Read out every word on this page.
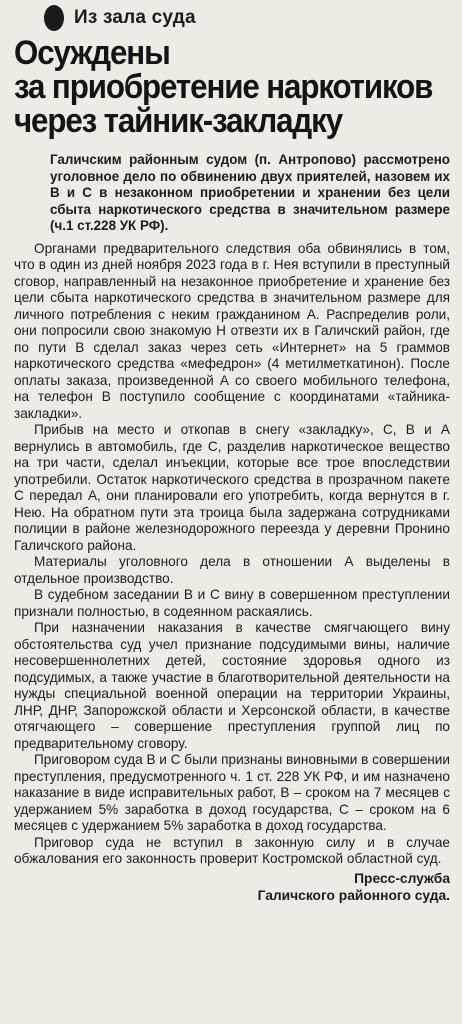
Из зала суда
Осуждены
за приобретение наркотиков
через тайник-закладку
Галичским районным судом (п. Антропово) рассмотрено уголовное дело по обвинению двух приятелей, назовем их В и С в незаконном приобретении и хранении без цели сбыта наркотического средства в значительном размере (ч.1 ст.228 УК РФ).

Органами предварительного следствия оба обвинялись в том, что в один из дней ноября 2023 года в г. Нея вступили в преступный сговор, направленный на незаконное приобретение и хранение без цели сбыта наркотического средства в значительном размере для личного потребления с неким гражданином А. Распределив роли, они попросили свою знакомую Н отвезти их в Галичский район, где по пути В сделал заказ через сеть «Интернет» на 5 граммов наркотического средства «мефедрон» (4 метилметкатинон). После оплаты заказа, произведенной А со своего мобильного телефона, на телефон В поступило сообщение с координатами «тайника-закладки».

Прибыв на место и откопав в снегу «закладку», С, В и А вернулись в автомобиль, где С, разделив наркотическое вещество на три части, сделал инъекции, которые все трое впоследствии употребили. Остаток наркотического средства в прозрачном пакете С передал А, они планировали его употребить, когда вернутся в г. Нею. На обратном пути эта троица была задержана сотрудниками полиции в районе железнодорожного переезда у деревни Пронино Галичского района.

Материалы уголовного дела в отношении А выделены в отдельное производство.

В судебном заседании В и С вину в совершенном преступлении признали полностью, в содеянном раскаялись.

При назначении наказания в качестве смягчающего вину обстоятельства суд учел признание подсудимыми вины, наличие несовершеннолетних детей, состояние здоровья одного из подсудимых, а также участие в благотворительной деятельности на нужды специальной военной операции на территории Украины, ЛНР, ДНР, Запорожской области и Херсонской области, в качестве отягчающего – совершение преступления группой лиц по предварительному сговору.

Приговором суда В и С были признаны виновными в совершении преступления, предусмотренного ч. 1 ст. 228 УК РФ, и им назначено наказание в виде исправительных работ, В – сроком на 7 месяцев с удержанием 5% заработка в доход государства, С – сроком на 6 месяцев с удержанием 5% заработка в доход государства.

Приговор суда не вступил в законную силу и в случае обжалования его законность проверит Костромской областной суд.

Пресс-служба
Галичского районного суда.
